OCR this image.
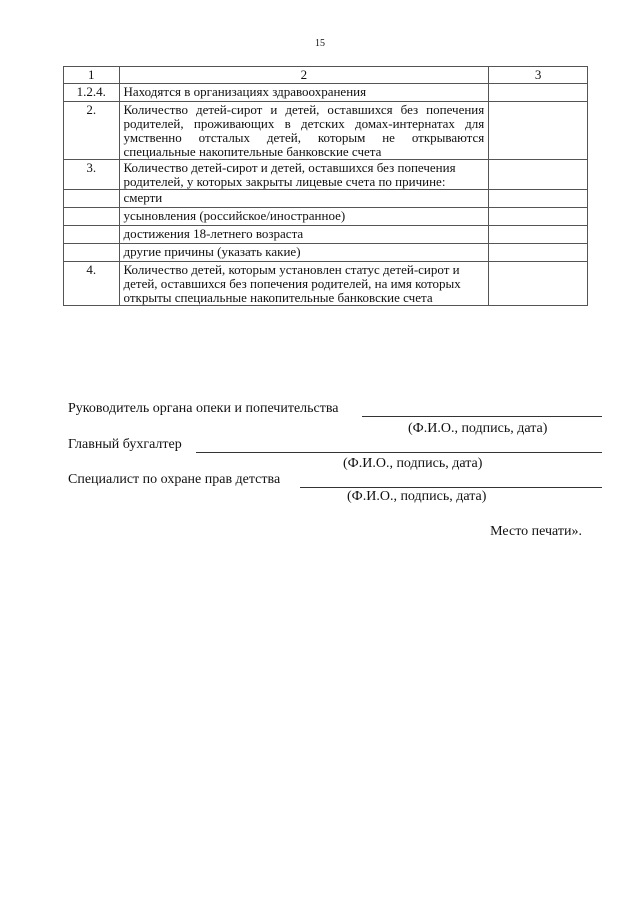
15
1	2	3
1.2.4.	Находятся в организациях здравоохранения	
2.	Количество детей-сирот и детей, оставшихся без попечения родителей, проживающих в детских домах-интернатах для умственно отсталых детей, которым не открываются специальные накопительные банковские счета	
3.	Количество детей-сирот и детей, оставшихся без попечения родителей, у которых закрыты лицевые счета по причине:	
	смерти	
	усыновления (российское/иностранное)	
	достижения 18-летнего возраста	
	другие причины (указать какие)	
4.	Количество детей, которым установлен статус детей-сирот и детей, оставшихся без попечения родителей, на имя которых открыты специальные накопительные банковские счета	
Руководитель органа опеки и попечительства
(Ф.И.О., подпись, дата)
Главный бухгалтер
(Ф.И.О., подпись, дата)
Специалист по охране прав детства
(Ф.И.О., подпись, дата)
Место печати».
